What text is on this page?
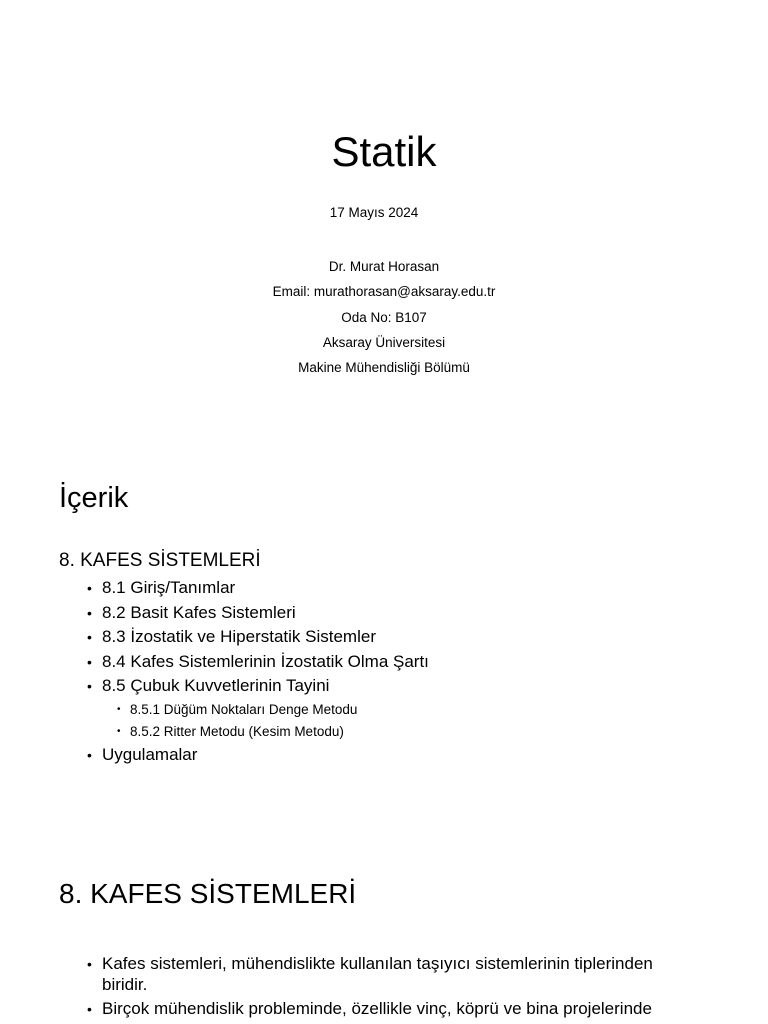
Statik
17 Mayıs 2024
Dr. Murat Horasan
Email: murathorasan@aksaray.edu.tr
Oda No: B107
Aksaray Üniversitesi
Makine Mühendisliği Bölümü
İçerik
8. KAFES SİSTEMLERİ
• 8.1 Giriş/Tanımlar
• 8.2 Basit Kafes Sistemleri
• 8.3 İzostatik ve Hiperstatik Sistemler
• 8.4 Kafes Sistemlerinin İzostatik Olma Şartı
• 8.5 Çubuk Kuvvetlerinin Tayini
• 8.5.1 Düğüm Noktaları Denge Metodu
• 8.5.2 Ritter Metodu (Kesim Metodu)
• Uygulamalar
8. KAFES SİSTEMLERİ
• Kafes sistemleri, mühendislikte kullanılan taşıyıcı sistemlerinin tiplerinden biridir.
• Birçok mühendislik probleminde, özellikle vinç, köprü ve bina projelerinde
